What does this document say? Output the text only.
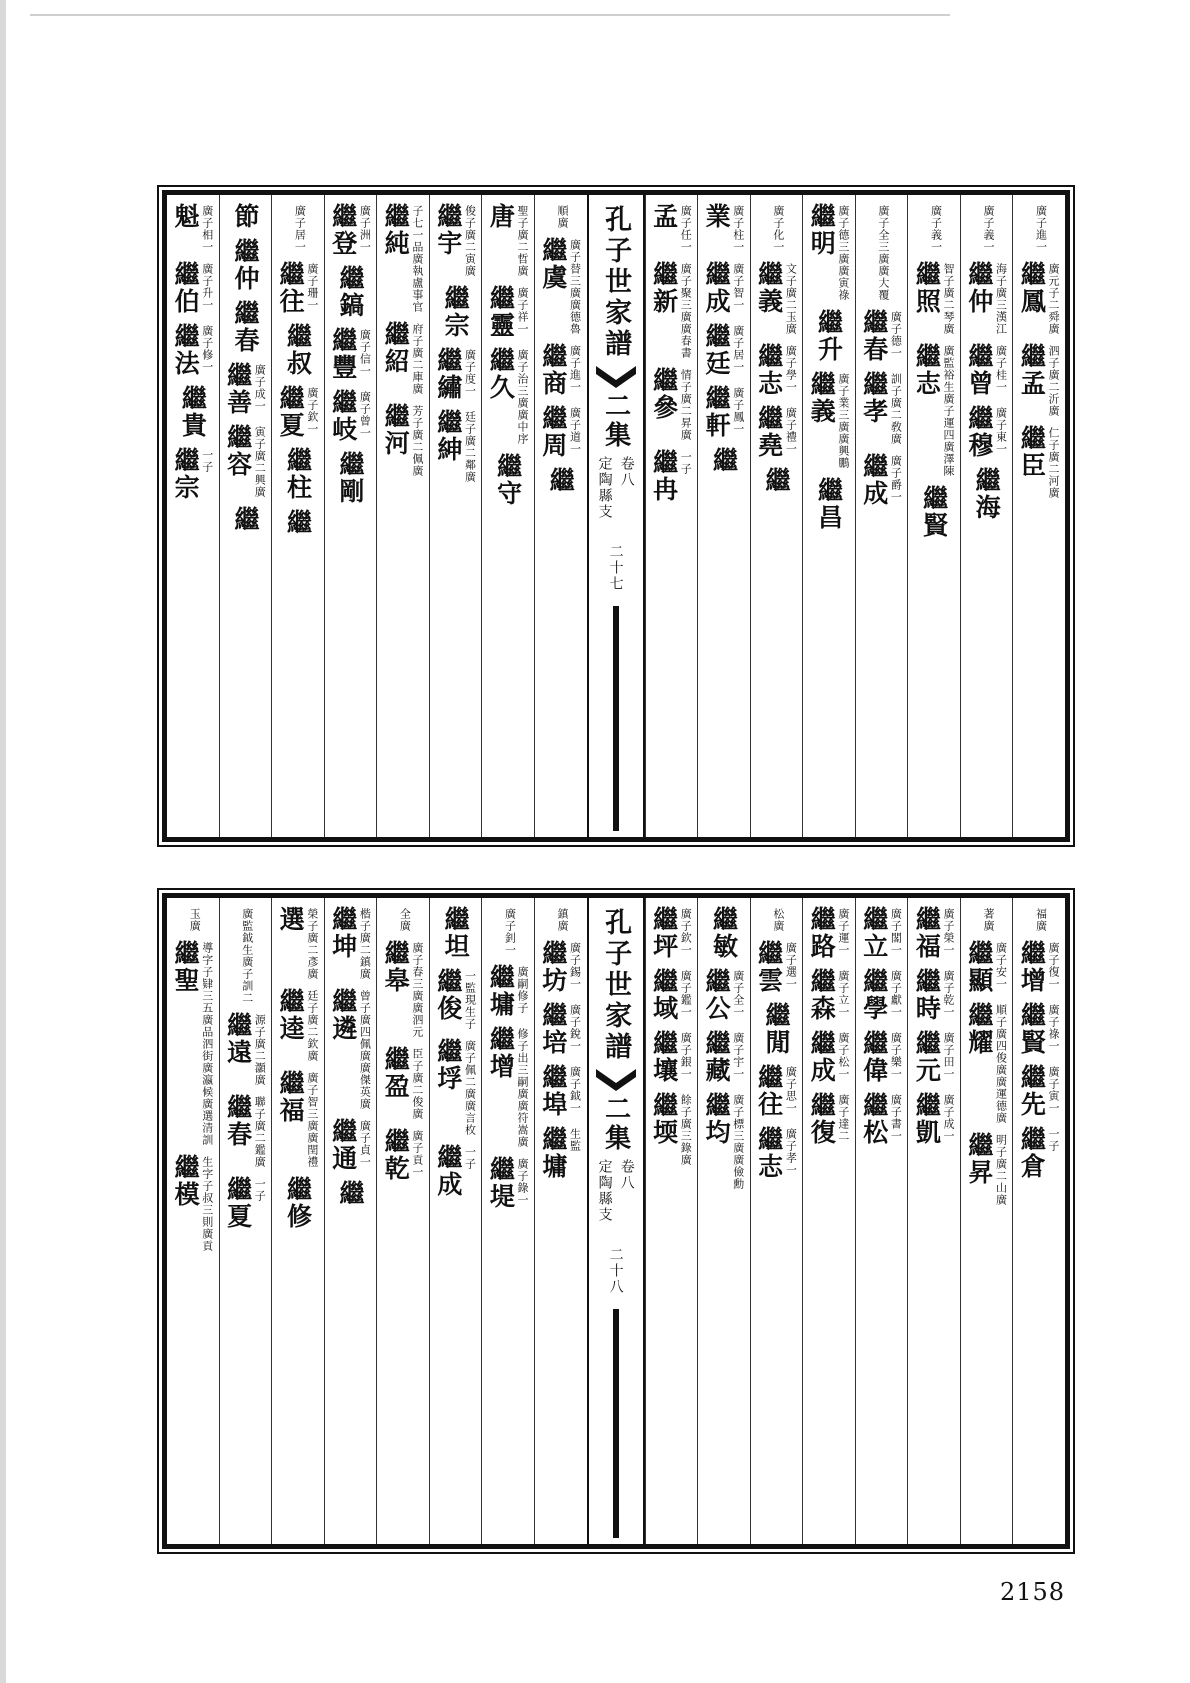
廣子進一
繼鳳 廣元子二舜廣
繼孟 泗子廣二沂廣
繼臣 仁子廣二河廣
廣子義一
繼仲 海子廣三漢江
繼曾 廣子桂一
繼穆 廣子東一
繼海
廣子義一
繼照 智子廣二琴廣
繼志 廣監裕生廣子運四廣澤陳
繼賢
廣子全三廣廣大覆
繼春 廣子德一
繼孝 訓子廣二敎廣
繼成 廣子爵一
繼明 廣子德三廣廣寅祿
繼升
繼義 廣子業三廣廣興鵬
繼昌
廣子化一
繼義 文子廣二玉廣
繼志 廣子學一
繼堯 廣子禮一
繼
業 廣子柱一
繼成 廣子智一
繼廷 廣子居一
繼軒 廣子鳳一
繼
孟 廣子任一
繼新 廣子聚三廣廣春書
繼參 情子廣二昇廣
繼冉 一子
孔子世家譜
二集
定陶縣支 卷八
二十七
順廣
繼虞 廣子替三廣廣德魯
繼商 廣子進一
繼周 廣子道一
繼
唐 聖子廣二哲廣
繼靈 廣子祥一
繼久 廣子治三廣廣中序
繼守
繼宇 俊子廣二寅廣
繼宗
繼繡 廣子度一
繼紳 廷子廣二鄰廣
繼純 子七一品廣執盧事官
繼紹 府子廣二庫廣
繼河 芳子廣二佩廣
繼登 廣子洲一
繼鎬
繼豐 廣子信一
繼岐 廣子曾一
繼剛
廣子居一
繼往 廣子珊一
繼叔
繼夏 廣子欽一
繼柱
繼
節
繼仲
繼春
繼善 廣子成一
繼容 寅子廣二興廣
繼
魁 廣子相一
繼伯 廣子升一
繼法 廣子修一
繼貴
繼宗 一子
福廣
繼增 廣子復一
繼賢 廣子祿一
繼先 廣子寅一
繼倉 一子
著廣
繼顯 廣子安一
繼耀 順子廣四俊廣廣運德廣
繼昇 明子廣二山廣
繼福 廣子榮一
繼時 廣子乾一
繼元 廣子田一
繼凱 廣子成一
繼立 廣子閣一
繼學 廣子獻一
繼偉 廣子樂一
繼松 廣子書一
繼路 廣子運一
繼森 廣子立一
繼成 廣子松一
繼復 廣子達二
松廣
繼雲 廣子選一
繼閒
繼往 廣子思一
繼志 廣子孝一
繼敏
繼公 廣子全一
繼藏 廣子宇一
繼均 廣子標三廣廣儉勳
繼坪 廣子欽一
繼域 廣子鑑一
繼壤 廣子銀一
繼堧 餘子廣三錄廣
孔子世家譜
二集
定陶縣支 卷八
二十八
鎮廣
繼坊 廣子錫一
繼培 廣子銳一
繼埠 廣子鉞一
繼墉 生監
廣子釗一
繼墉 廣嗣修子
繼增 修子出三嗣廣廣符嵩廣
繼堤 廣子錄一
繼坦
繼俊 一監現生子
繼垺 廣子佩二廣廣言枚
繼成 一子
全廣
繼皋 廣子春三廣廣泗元
繼盈 臣子廣二俊廣
繼乾 廣子貢一
繼坤 楷子廣二鎮廣
繼遴 曾子廣四佩廣廣傑英廣
繼通 廣子貞一
繼
選 榮子廣二彥廣
繼逵 廷子廣二欽廣
繼福 廣子智三廣廣閏禮
繼修
廣監鉞生廣子訓二
繼遠 源子廣二灝廣
繼春 聯子廣二鑑廣
繼夏 一子
玉廣
繼聖 導字子肄三五廣品泗街廣瀛候廣選清訓
繼模 生字子叔三則廣貢
2158
